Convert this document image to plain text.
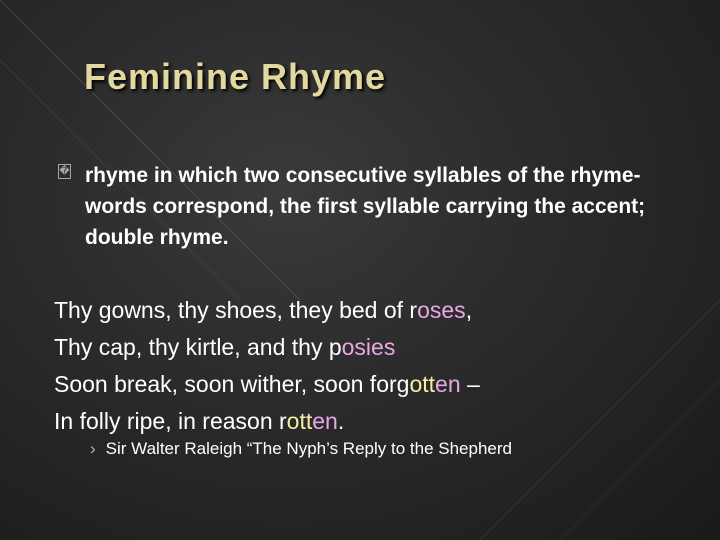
Feminine Rhyme
� rhyme in which two consecutive syllables of the rhyme-words correspond, the first syllable carrying the accent; double rhyme.
Thy gowns, thy shoes, they bed of roses,
Thy cap, thy kirtle, and thy posies
Soon break, soon wither, soon forgotten –
In folly ripe, in reason rotten.
› Sir Walter Raleigh “The Nyph’s Reply to the Shepherd
